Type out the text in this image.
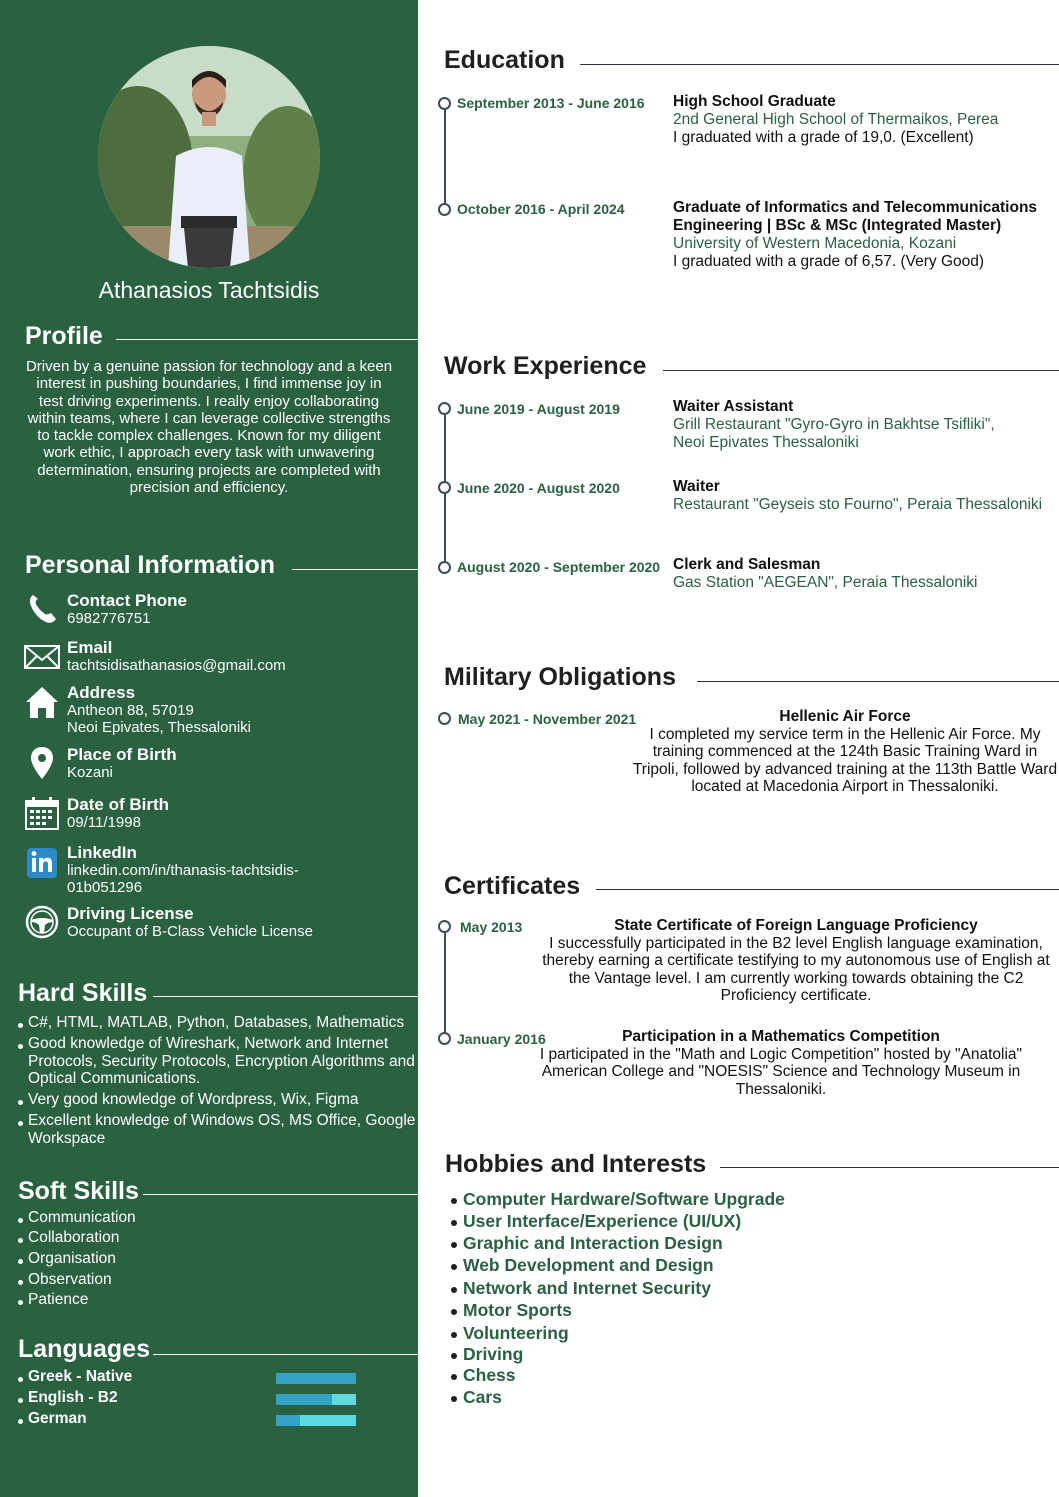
Athanasios Tachtsidis
Profile
Driven by a genuine passion for technology and a keen interest in pushing boundaries, I find immense joy in test driving experiments. I really enjoy collaborating within teams, where I can leverage collective strengths to tackle complex challenges. Known for my diligent work ethic, I approach every task with unwavering determination, ensuring projects are completed with precision and efficiency.
Personal Information
Contact Phone
6982776751
Email
tachtsidisathanasios@gmail.com
Address
Antheon 88, 57019
Neoi Epivates, Thessaloniki
Place of Birth
Kozani
Date of Birth
09/11/1998
LinkedIn
linkedin.com/in/thanasis-tachtsidis-
01b051296
Driving License
Occupant of B-Class Vehicle License
Hard Skills
C#, HTML, MATLAB, Python, Databases, Mathematics
Good knowledge of Wireshark, Network and Internet Protocols, Security Protocols, Encryption Algorithms and Optical Communications.
Very good knowledge of Wordpress, Wix, Figma
Excellent knowledge of Windows OS, MS Office, Google Workspace
Soft Skills
Communication
Collaboration
Organisation
Observation
Patience
Languages
Greek - Native
English - B2
German
Education
September 2013 - June 2016 High School Graduate
2nd General High School of Thermaikos, Perea
I graduated with a grade of 19,0. (Excellent)
October 2016 - April 2024	Graduate of Informatics and Telecommunications
Engineering | BSc & MSc (Integrated Master)
University of Western Macedonia, Kozani
I graduated with a grade of 6,57. (Very Good)
Work Experience
June 2019 - August 2019	Waiter Assistant
Grill Restaurant "Gyro-Gyro in Bakhtse Tsifliki",
Neoi Epivates Thessaloniki
June 2020 - August 2020	Waiter
Restaurant "Geyseis sto Fourno", Peraia Thessaloniki
August 2020 - September 2020 Clerk and Salesman
Gas Station "AEGEAN", Peraia Thessaloniki
Military Obligations
May 2021 - November 2021	Hellenic Air Force
I completed my service term in the Hellenic Air Force. My training commenced at the 124th Basic Training Ward in Tripoli, followed by advanced training at the 113th Battle Ward located at Macedonia Airport in Thessaloniki.
Certificates
May 2013	State Certificate of Foreign Language Proficiency
I successfully participated in the B2 level English language examination, thereby earning a certificate testifying to my autonomous use of English at the Vantage level. I am currently working towards obtaining the C2 Proficiency certificate.
January 2016	Participation in a Mathematics Competition
I participated in the "Math and Logic Competition" hosted by "Anatolia" American College and "NOESIS" Science and Technology Museum in Thessaloniki.
Hobbies and Interests
Computer Hardware/Software Upgrade
User Interface/Experience (UI/UX)
Graphic and Interaction Design
Web Development and Design
Network and Internet Security
Motor Sports
Volunteering
Driving
Chess
Cars
